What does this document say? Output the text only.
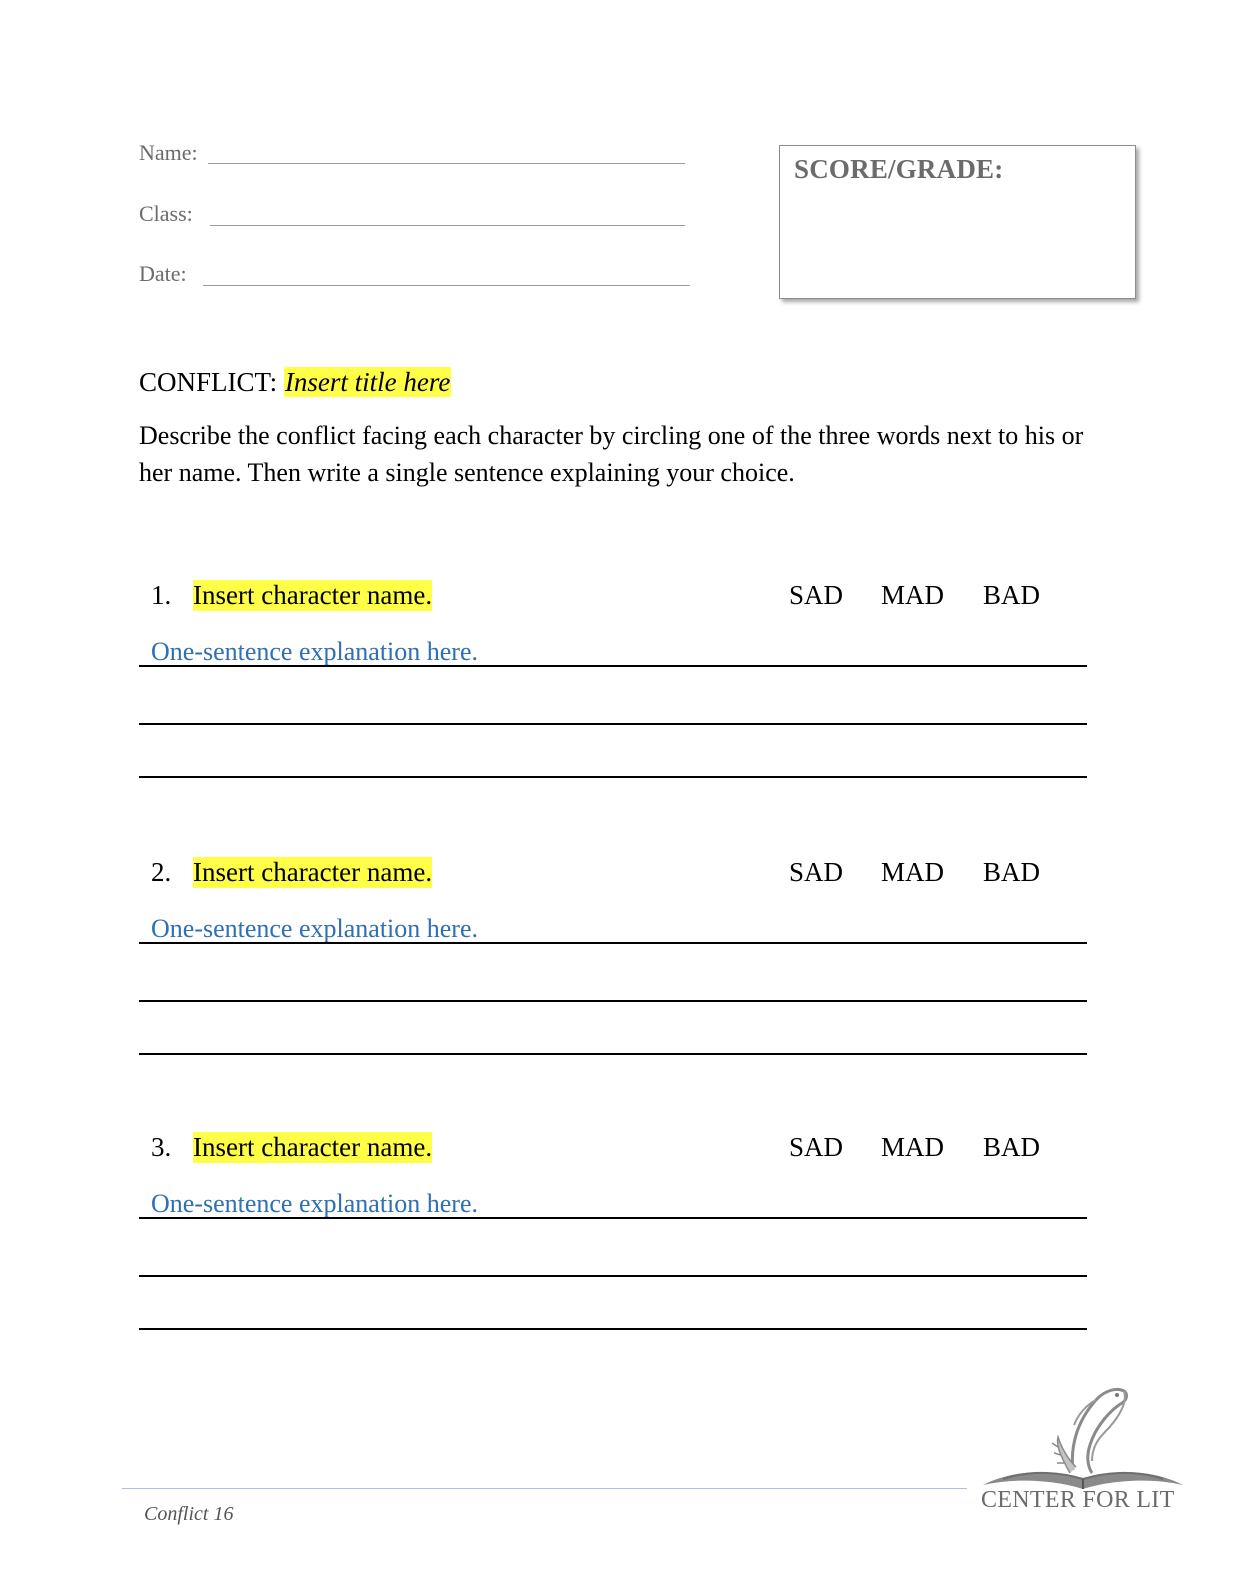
Name:
Class:
Date:
SCORE/GRADE:
CONFLICT: Insert title here

Describe the conflict facing each character by circling one of the three words next to his or her name. Then write a single sentence explaining your choice.

1. Insert character name.	SAD MAD BAD
One-sentence explanation here.
2. Insert character name.	SAD MAD BAD
One-sentence explanation here.
3. Insert character name.	SAD MAD BAD
One-sentence explanation here.
Conflict 16
CENTER FOR LIT
